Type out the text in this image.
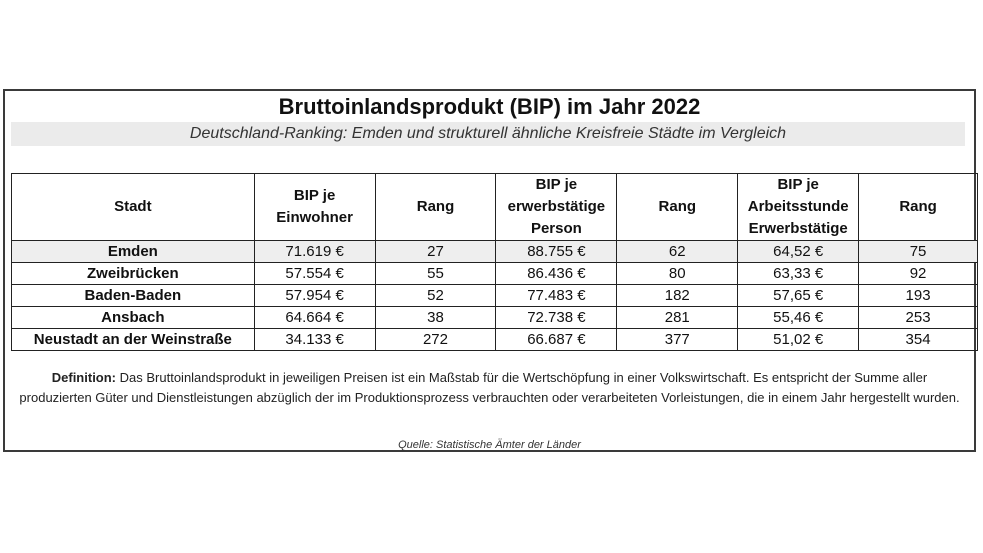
Bruttoinlandsprodukt (BIP) im Jahr 2022
Deutschland-Ranking: Emden und strukturell ähnliche Kreisfreie Städte im Vergleich
Stadt	BIP je Einwohner	Rang	BIP je erwerbstätige Person	Rang	BIP je Arbeitsstunde Erwerbstätige	Rang
Emden	71.619 €	27	88.755 €	62	64,52 €	75
Zweibrücken	57.554 €	55	86.436 €	80	63,33 €	92
Baden-Baden	57.954 €	52	77.483 €	182	57,65 €	193
Ansbach	64.664 €	38	72.738 €	281	55,46 €	253
Neustadt an der Weinstraße	34.133 €	272	66.687 €	377	51,02 €	354
Definition: Das Bruttoinlandsprodukt in jeweiligen Preisen ist ein Maßstab für die Wertschöpfung in einer Volkswirtschaft. Es entspricht der Summe aller produzierten Güter und Dienstleistungen abzüglich der im Produktionsprozess verbrauchten oder verarbeiteten Vorleistungen, die in einem Jahr hergestellt wurden.
Quelle: Statistische Ämter der Länder
